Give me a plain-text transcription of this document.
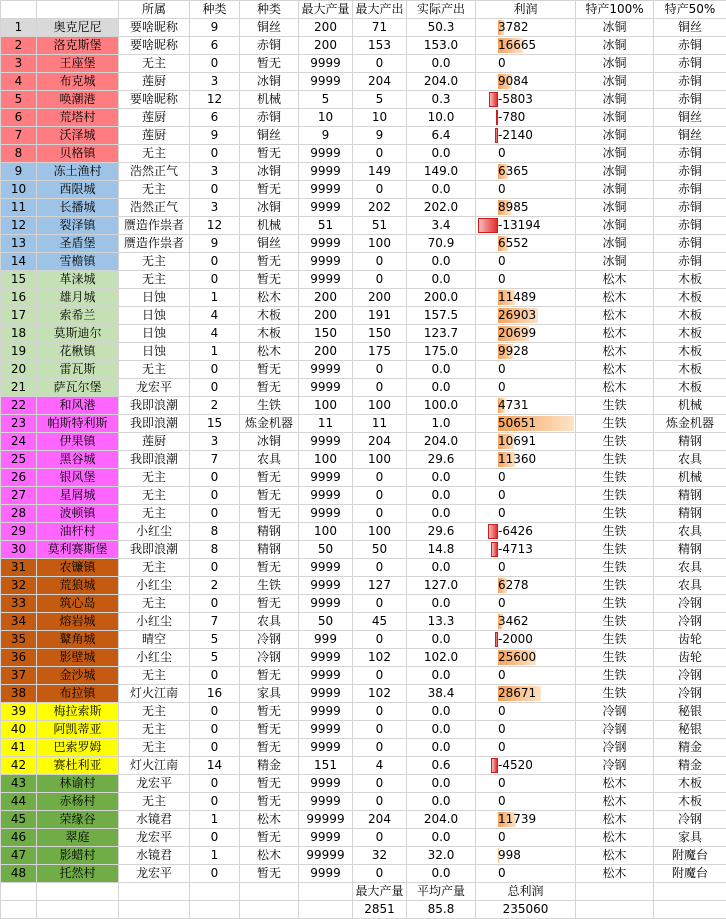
		所属	种类	种类	最大产量	最大产出	实际产出	利润	特产100%	特产50%
1	奥克尼尼	要啥昵称	9	铜丝	200	71	50.3	3782	冰铜	铜丝
2	洛克斯堡	要啥昵称	6	赤铜	200	153	153.0	16665	冰铜	赤铜
3	王座堡	无主	0	暂无	9999	0	0.0	0	冰铜	赤铜
4	布克城	莲厨	3	冰铜	9999	204	204.0	9084	冰铜	赤铜
5	唤潮港	要啥昵称	12	机械	5	5	0.3	-5803	冰铜	赤铜
6	荒塔村	莲厨	6	赤铜	10	10	10.0	-780	冰铜	铜丝
7	沃泽城	莲厨	9	铜丝	9	9	6.4	-2140	冰铜	铜丝
8	贝格镇	无主	0	暂无	9999	0	0.0	0	冰铜	赤铜
9	冻土渔村	浩然正气	3	冰铜	9999	149	149.0	6365	冰铜	赤铜
10	西限城	无主	0	暂无	9999	0	0.0	0	冰铜	赤铜
11	长播城	浩然正气	3	冰铜	9999	202	202.0	8985	冰铜	赤铜
12	裂泽镇	赝造作祟者	12	机械	51	51	3.4	-13194	冰铜	赤铜
13	圣盾堡	赝造作祟者	9	铜丝	9999	100	70.9	6552	冰铜	赤铜
14	雪檐镇	无主	0	暂无	9999	0	0.0	0	冰铜	赤铜
15	革涞城	无主	0	暂无	9999	0	0.0	0	松木	木板
16	雄月城	日蚀	1	松木	200	200	200.0	11489	松木	木板
17	索希兰	日蚀	4	木板	200	191	157.5	26903	松木	木板
18	莫斯迪尔	日蚀	4	木板	150	150	123.7	20699	松木	木板
19	花楸镇	日蚀	1	松木	200	175	175.0	9928	松木	木板
20	雷瓦斯	无主	0	暂无	9999	0	0.0	0	松木	木板
21	萨瓦尔堡	龙宏平	0	暂无	9999	0	0.0	0	松木	木板
22	和风港	我即浪潮	2	生铁	100	100	100.0	4731	生铁	机械
23	帕斯特利斯	我即浪潮	15	炼金机器	11	11	1.0	50651	生铁	炼金机器
24	伊果镇	莲厨	3	冰铜	9999	204	204.0	10691	生铁	精钢
25	黑谷城	我即浪潮	7	农具	100	100	29.6	11360	生铁	农具
26	银风堡	无主	0	暂无	9999	0	0.0	0	生铁	机械
27	星屑城	无主	0	暂无	9999	0	0.0	0	生铁	精钢
28	波顿镇	无主	0	暂无	9999	0	0.0	0	生铁	精钢
29	油杆村	小红尘	8	精钢	100	100	29.6	-6426	生铁	农具
30	莫利赛斯堡	我即浪潮	8	精钢	50	50	14.8	-4713	生铁	精钢
31	农镰镇	无主	0	暂无	9999	0	0.0	0	生铁	农具
32	荒狼城	小红尘	2	生铁	9999	127	127.0	6278	生铁	农具
33	筑心岛	无主	0	暂无	9999	0	0.0	0	生铁	冷钢
34	熔岩城	小红尘	7	农具	50	45	13.3	3462	生铁	冷钢
35	鼙角城	晴空	5	冷钢	999	0	0.0	-2000	生铁	齿轮
36	影壁城	小红尘	5	冷钢	9999	102	102.0	25600	生铁	齿轮
37	金沙城	无主	0	暂无	9999	0	0.0	0	生铁	冷钢
38	布拉镇	灯火江南	16	家具	9999	102	38.4	28671	生铁	冷钢
39	梅拉索斯	无主	0	暂无	9999	0	0.0	0	冷钢	秘银
40	阿凯蒂亚	无主	0	暂无	9999	0	0.0	0	冷钢	秘银
41	巴索罗姆	无主	0	暂无	9999	0	0.0	0	冷钢	精金
42	赛杜利亚	灯火江南	14	精金	151	4	0.6	-4520	冷钢	精金
43	林谕村	龙宏平	0	暂无	9999	0	0.0	0	松木	木板
44	赤杨村	无主	0	暂无	9999	0	0.0	0	松木	木板
45	荣缘谷	水镜君	1	松木	99999	204	204.0	11739	松木	冷钢
46	翠庭	龙宏平	0	暂无	9999	0	0.0	0	松木	家具
47	影蜡村	水镜君	1	松木	99999	32	32.0	998	松木	附魔台
48	托然村	龙宏平	0	暂无	9999	0	0.0	0	松木	附魔台
						最大产量	平均产量	总利润		
						2851	85.8	235060		
